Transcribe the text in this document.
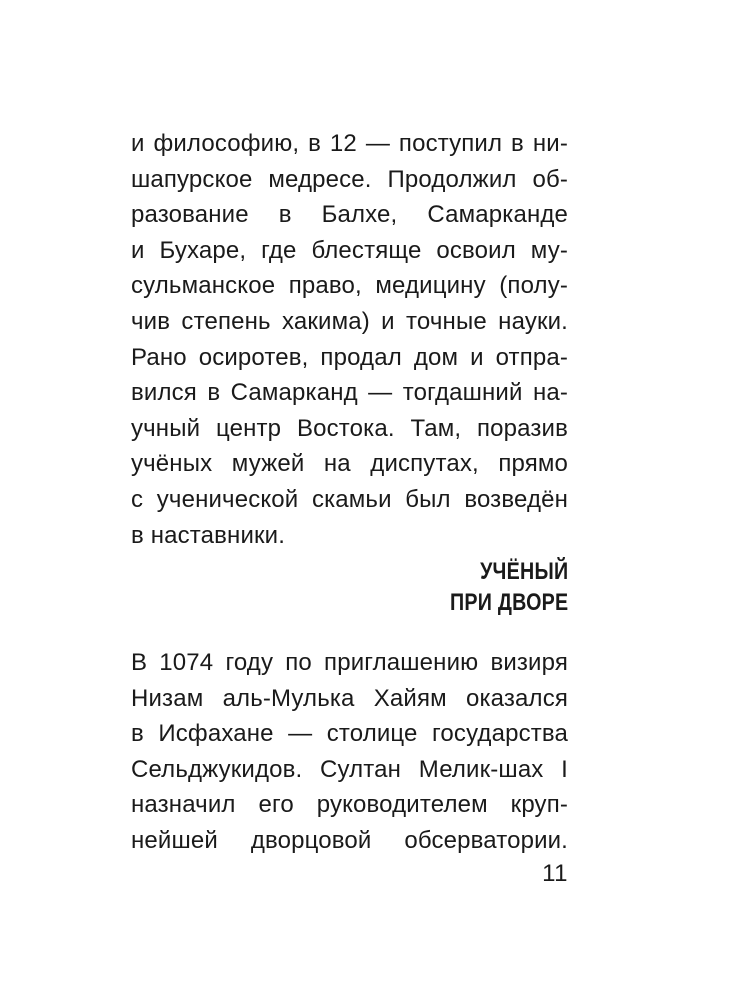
и философию, в 12 — поступил в ни-
шапурское медресе. Продолжил об-
разование в Балхе, Самарканде
и Бухаре, где блестяще освоил му-
сульманское право, медицину (полу-
чив степень хакима) и точные науки.
Рано осиротев, продал дом и отпра-
вился в Самарканд — тогдашний на-
учный центр Востока. Там, поразив
учёных мужей на диспутах, прямо
с ученической скамьи был возведён
в наставники.

УЧЁНЫЙ
ПРИ ДВОРЕ

В 1074 году по приглашению визиря
Низам аль-Мулька Хайям оказался
в Исфахане — столице государства
Сельджукидов. Султан Мелик-шах I
назначил его руководителем круп-
нейшей дворцовой обсерватории.

11
